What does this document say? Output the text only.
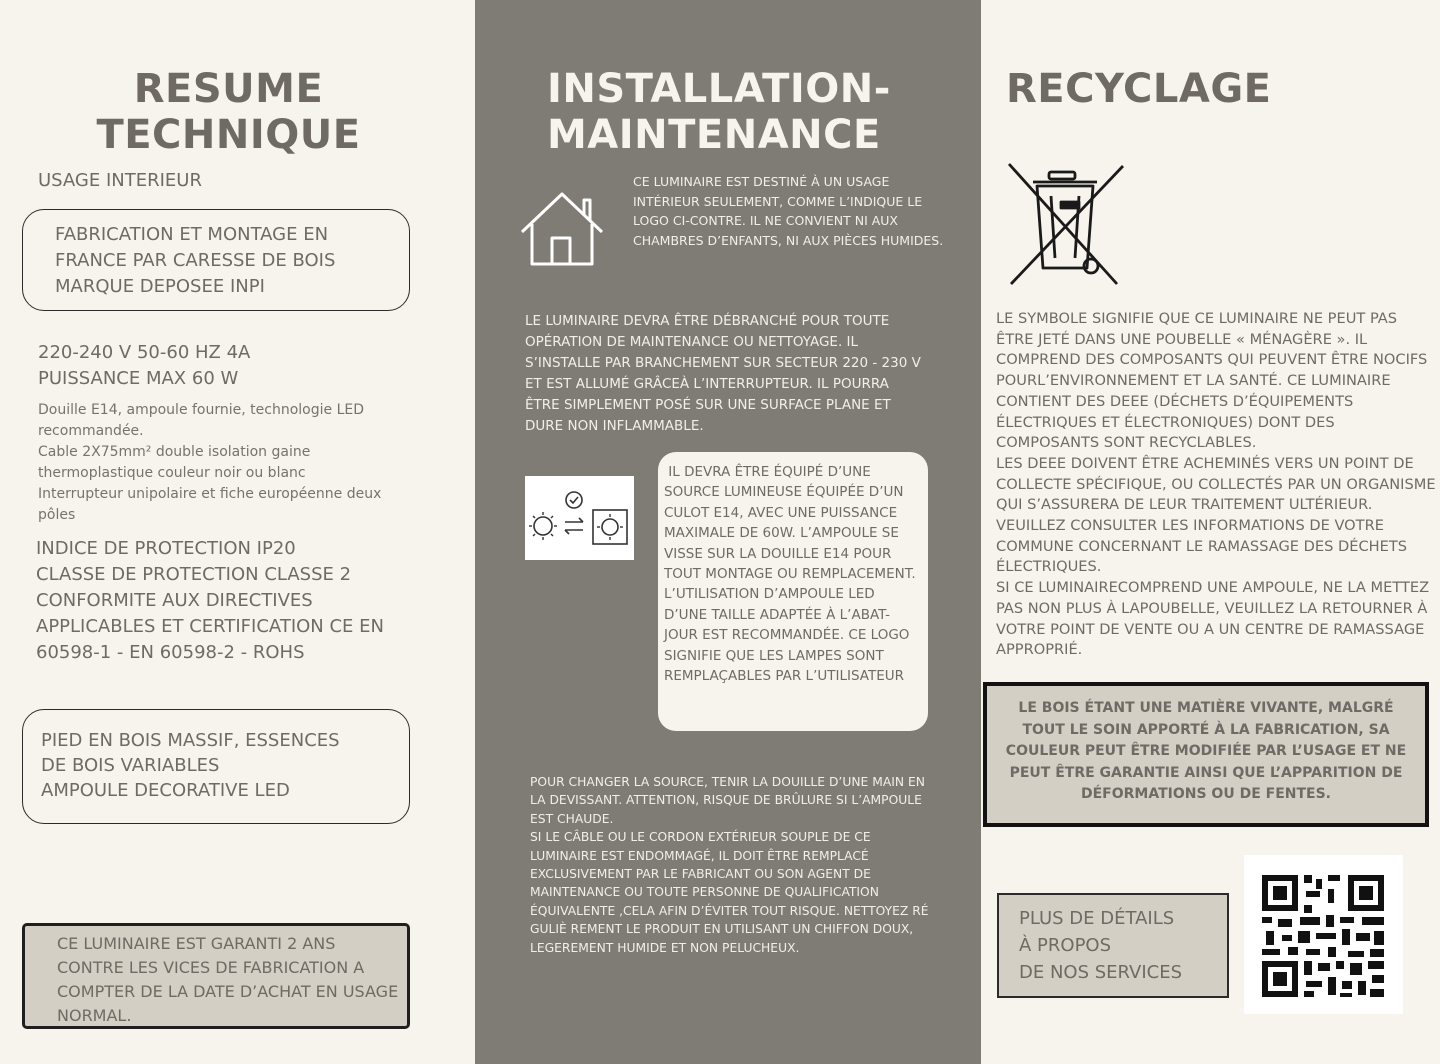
RESUME
TECHNIQUE
USAGE INTERIEUR
FABRICATION ET MONTAGE EN
FRANCE PAR CARESSE DE BOIS
MARQUE DEPOSEE INPI
220-240 V 50-60 HZ 4A
PUISSANCE MAX 60 W
Douille E14, ampoule fournie, technologie LED recommandée.
Cable 2X75mm² double isolation gaine thermoplastique couleur noir ou blanc
Interrupteur unipolaire et fiche européenne deux pôles
INDICE DE PROTECTION IP20
CLASSE DE PROTECTION CLASSE 2
CONFORMITE AUX DIRECTIVES APPLICABLES ET CERTIFICATION CE EN 60598-1 - EN 60598-2 - ROHS
PIED EN BOIS MASSIF, ESSENCES
DE BOIS VARIABLES
AMPOULE DECORATIVE LED
CE LUMINAIRE EST GARANTI 2 ANS CONTRE LES VICES DE FABRICATION A COMPTER DE LA DATE D’ACHAT EN USAGE NORMAL.
INSTALLATION-
MAINTENANCE
CE LUMINAIRE EST DESTINÉ À UN USAGE INTÉRIEUR SEULEMENT, COMME L’INDIQUE LE LOGO CI-CONTRE. IL NE CONVIENT NI AUX CHAMBRES D’ENFANTS, NI AUX PIÈCES HUMIDES.
LE LUMINAIRE DEVRA ÊTRE DÉBRANCHÉ POUR TOUTE OPÉRATION DE MAINTENANCE OU NETTOYAGE. IL S’INSTALLE PAR BRANCHEMENT SUR SECTEUR 220 - 230 V ET EST ALLUMÉ GRÂCEÀ L’INTERRUPTEUR. IL POURRA ÊTRE SIMPLEMENT POSÉ SUR UNE SURFACE PLANE ET DURE NON INFLAMMABLE.
IL DEVRA ÊTRE ÉQUIPÉ D’UNE SOURCE LUMINEUSE ÉQUIPÉE D’UN CULOT E14, AVEC UNE PUISSANCE MAXIMALE DE 60W. L’AMPOULE SE VISSE SUR LA DOUILLE E14 POUR TOUT MONTAGE OU REMPLACEMENT. L’UTILISATION D’AMPOULE LED D’UNE TAILLE ADAPTÉE À L’ABAT-JOUR EST RECOMMANDÉE. CE LOGO SIGNIFIE QUE LES LAMPES SONT REMPLAÇABLES PAR L’UTILISATEUR
POUR CHANGER LA SOURCE, TENIR LA DOUILLE D’UNE MAIN EN LA DEVISSANT. ATTENTION, RISQUE DE BRÛLURE SI L’AMPOULE EST CHAUDE.
SI LE CÂBLE OU LE CORDON EXTÉRIEUR SOUPLE DE CE LUMINAIRE EST ENDOMMAGÉ, IL DOIT ÊTRE REMPLACÉ EXCLUSIVEMENT PAR LE FABRICANT OU SON AGENT DE MAINTENANCE OU TOUTE PERSONNE DE QUALIFICATION ÉQUIVALENTE ,CELA AFIN D’ÉVITER TOUT RISQUE. NETTOYEZ RÉ GULIÈ REMENT LE PRODUIT EN UTILISANT UN CHIFFON DOUX, LEGEREMENT HUMIDE ET NON PELUCHEUX.
RECYCLAGE
LE SYMBOLE SIGNIFIE QUE CE LUMINAIRE NE PEUT PAS ÊTRE JETÉ DANS UNE POUBELLE « MÉNAGÈRE ». IL COMPREND DES COMPOSANTS QUI PEUVENT ÊTRE NOCIFS POURL’ENVIRONNEMENT ET LA SANTÉ. CE LUMINAIRE CONTIENT DES DEEE (DÉCHETS D’ÉQUIPEMENTS ÉLECTRIQUES ET ÉLECTRONIQUES) DONT DES COMPOSANTS SONT RECYCLABLES.
LES DEEE DOIVENT ÊTRE ACHEMINÉS VERS UN POINT DE COLLECTE SPÉCIFIQUE, OU COLLECTÉS PAR UN ORGANISME QUI S’ASSURERA DE LEUR TRAITEMENT ULTÉRIEUR. VEUILLEZ CONSULTER LES INFORMATIONS DE VOTRE COMMUNE CONCERNANT LE RAMASSAGE DES DÉCHETS ÉLECTRIQUES.
SI CE LUMINAIRECOMPREND UNE AMPOULE, NE LA METTEZ PAS NON PLUS À LAPOUBELLE, VEUILLEZ LA RETOURNER À VOTRE POINT DE VENTE OU A UN CENTRE DE RAMASSAGE APPROPRIÉ.
LE BOIS ÉTANT UNE MATIÈRE VIVANTE, MALGRÉ TOUT LE SOIN APPORTÉ À LA FABRICATION, SA COULEUR PEUT ÊTRE MODIFIÉE PAR L’USAGE ET NE PEUT ÊTRE GARANTIE AINSI QUE L’APPARITION DE DÉFORMATIONS OU DE FENTES.
PLUS DE DÉTAILS
À PROPOS
DE NOS SERVICES
